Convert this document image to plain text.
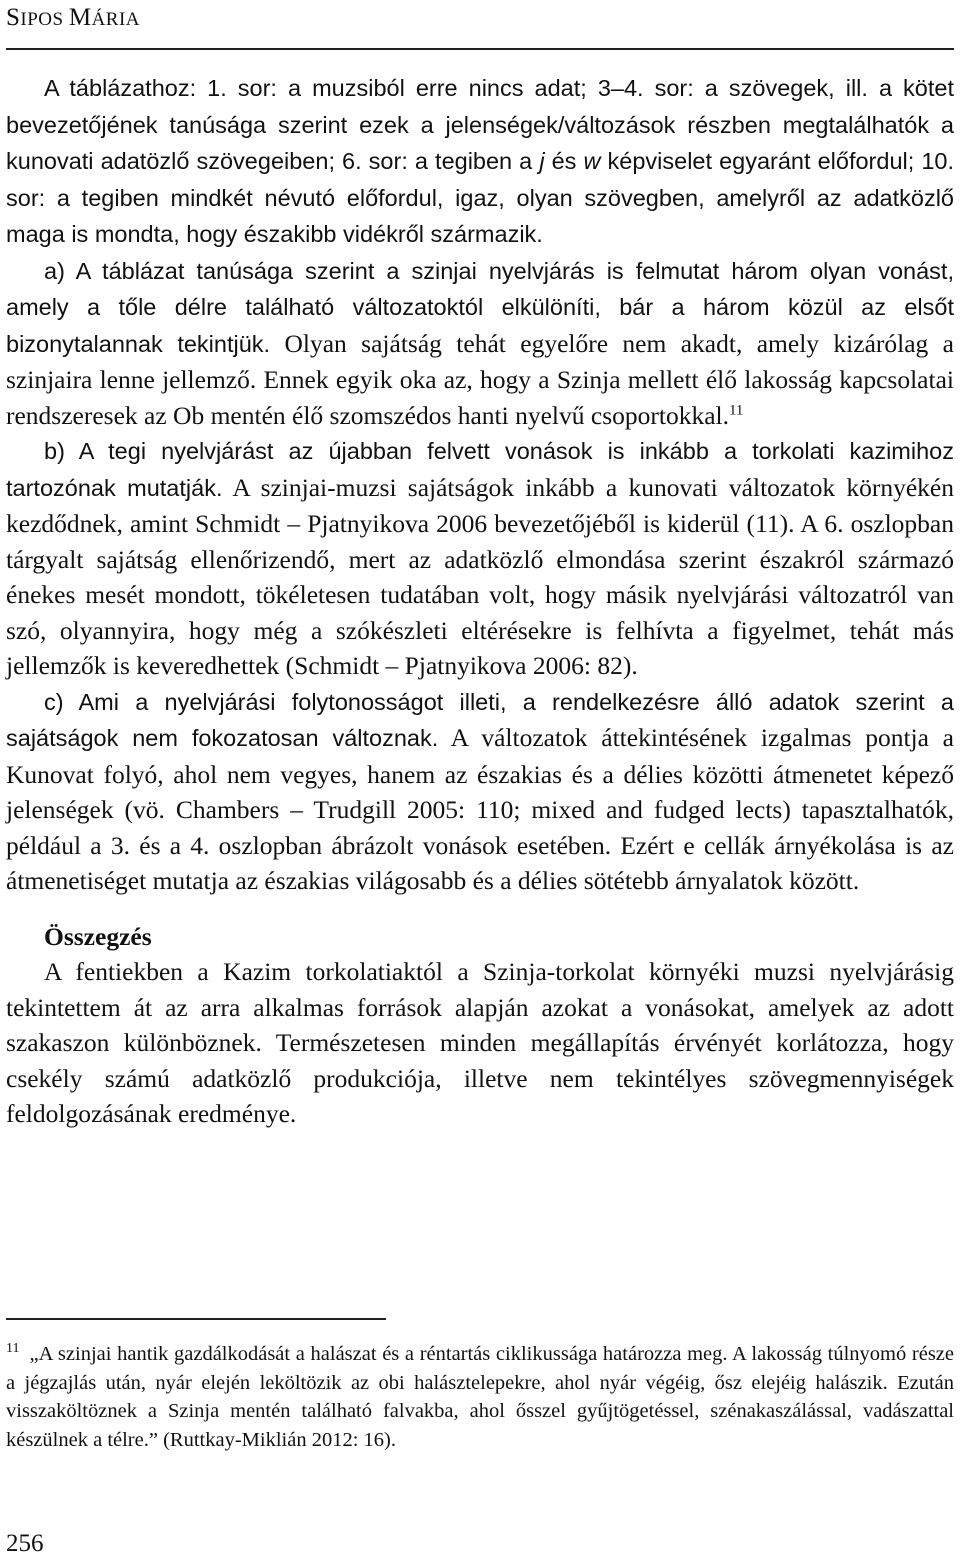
SIPOS MÁRIA

A táblázathoz: 1. sor: a muzsiból erre nincs adat; 3–4. sor: a szövegek, ill. a kötet bevezetőjének tanúsága szerint ezek a jelenségek/változások részben megtalálhatók a kunovati adatözlő szövegeiben; 6. sor: a tegiben a j és w képviselet egyaránt előfordul; 10. sor: a tegiben mindkét névutó előfordul, igaz, olyan szövegben, amelyről az adatközlő maga is mondta, hogy északibb vidékről származik.

a) A táblázat tanúsága szerint a szinjai nyelvjárás is felmutat három olyan vonást, amely a tőle délre található változatoktól elkülöníti, bár a három közül az elsőt bizonytalannak tekintjük. Olyan sajátság tehát egyelőre nem akadt, amely kizárólag a szinjaira lenne jellemző. Ennek egyik oka az, hogy a Szinja mellett élő lakosság kapcsolatai rendszeresek az Ob mentén élő szomszédos hanti nyelvű csoportokkal.$^{11}$

b) A tegi nyelvjárást az újabban felvett vonások is inkább a torkolati kazimihoz tartozónak mutatják. A szinjai-muzsi sajátságok inkább a kunovati változatok környékén kezdődnek, amint Schmidt – Pjatnyikova 2006 bevezetőjéből is kiderül (11). A 6. oszlopban tárgyalt sajátság ellenőrizendő, mert az adatközlő elmondása szerint északról származó énekes mesét mondott, tökéletesen tudatában volt, hogy másik nyelvjárási változatról van szó, olyannyira, hogy még a szókészleti eltérésekre is felhívta a figyelmet, tehát más jellemzők is keveredhettek (Schmidt – Pjatnyikova 2006: 82).

c) Ami a nyelvjárási folytonosságot illeti, a rendelkezésre álló adatok szerint a sajátságok nem fokozatosan változnak. A változatok áttekintésének izgalmas pontja a Kunovat folyó, ahol nem vegyes, hanem az északias és a délies közötti átmenetet képező jelenségek (vö. Chambers – Trudgill 2005: 110; mixed and fudged lects) tapasztalhatók, például a 3. és a 4. oszlopban ábrázolt vonások esetében. Ezért e cellák árnyékolása is az átmenetiséget mutatja az északias világosabb és a délies sötétebb árnyalatok között.

Összegzés

A fentiekben a Kazim torkolatiaktól a Szinja-torkolat környéki muzsi nyelvjárásig tekintettem át az arra alkalmas források alapján azokat a vonásokat, amelyek az adott szakaszon különböznek. Természetesen minden megállapítás érvényét korlátozza, hogy csekély számú adatközlő produkciója, illetve nem tekintélyes szövegmennyiségek feldolgozásának eredménye.

$^{11}$ „A szinjai hantik gazdálkodását a halászat és a réntartás ciklikussága határozza meg. A lakosság túlnyomó része a jégzajlás után, nyár elején leköltözik az obi halásztelepekre, ahol nyár végéig, ősz elejéig halászik. Ezután visszaköltöznek a Szinja mentén található falvakba, ahol ősszel gyűjtögetéssel, szénakaszálással, vadászattal készülnek a télre.” (Ruttkay-Miklián 2012: 16).
256
